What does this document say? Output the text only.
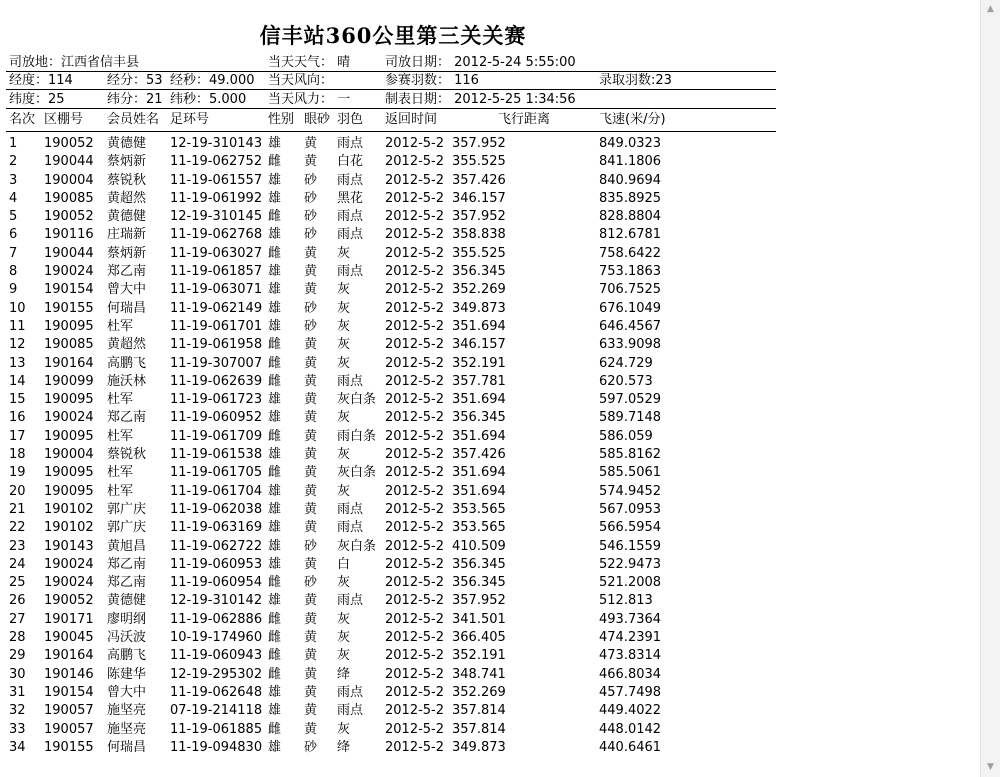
信丰站360公里第三关关赛
司放地：江西省信丰县	当天天气： 晴	司放日期： 2012-5-24 5:55:00
经度：114	经分：53 经秒：49.000 当天风向：	参赛羽数： 116	录取羽数:23
纬度：25	纬分：21 纬秒：5.000 当天风力： 一	制表日期： 2012-5-25 1:34:56
名次 区棚号 会员姓名 足环号	性别 眼砂 羽色 返回时间	飞行距离	飞速(米/分)
1 190052 黄德健 12-19-310143 雄 黄 雨点 2012-5-2 357.952	849.0323
2 190044 蔡炳新 11-19-062752 雌 黄 白花 2012-5-2 355.525	841.1806
3 190004 蔡锐秋 11-19-061557 雄 砂 雨点 2012-5-2 357.426	840.9694
4 190085 黄超然 11-19-061992 雄 砂 黑花 2012-5-2 346.157	835.8925
5 190052 黄德健 12-19-310145 雌 砂 雨点 2012-5-2 357.952	828.8804
6 190116 庄瑞新 11-19-062768 雄 砂 雨点 2012-5-2 358.838	812.6781
7 190044 蔡炳新 11-19-063027 雌 黄 灰	2012-5-2 355.525	758.6422
8 190024 郑乙南 11-19-061857 雄 黄 雨点 2012-5-2 356.345	753.1863
9 190154 曾大中 11-19-063071 雄 黄 灰	2012-5-2 352.269	706.7525
10 190155 何瑞昌 11-19-062149 雄 砂 灰	2012-5-2 349.873	676.1049
11 190095 杜军	11-19-061701 雄 砂 灰	2012-5-2 351.694	646.4567
12 190085 黄超然 11-19-061958 雌 黄 灰	2012-5-2 346.157	633.9098
13 190164 高鹏飞 11-19-307007 雌 黄 灰	2012-5-2 352.191	624.729
14 190099 施沃林 11-19-062639 雌 黄 雨点 2012-5-2 357.781	620.573
15 190095 杜军	11-19-061723 雄 黄 灰白条 2012-5-2 351.694	597.0529
16 190024 郑乙南 11-19-060952 雄 黄 灰	2012-5-2 356.345	589.7148
17 190095 杜军	11-19-061709 雌 黄 雨白条 2012-5-2 351.694	586.059
18 190004 蔡锐秋 11-19-061538 雄 黄 灰	2012-5-2 357.426	585.8162
19 190095 杜军	11-19-061705 雌 黄 灰白条 2012-5-2 351.694	585.5061
20 190095 杜军	11-19-061704 雄 黄 灰	2012-5-2 351.694	574.9452
21 190102 郭广庆 11-19-062038 雄 黄 雨点 2012-5-2 353.565	567.0953
22 190102 郭广庆 11-19-063169 雄 黄 雨点 2012-5-2 353.565	566.5954
23 190143 黄旭昌 11-19-062722 雄 砂 灰白条 2012-5-2 410.509	546.1559
24 190024 郑乙南 11-19-060953 雄 黄 白	2012-5-2 356.345	522.9473
25 190024 郑乙南 11-19-060954 雌 砂 灰	2012-5-2 356.345	521.2008
26 190052 黄德健 12-19-310142 雄 黄 雨点 2012-5-2 357.952	512.813
27 190171 廖明纲 11-19-062886 雌 黄 灰	2012-5-2 341.501	493.7364
28 190045 冯沃波 10-19-174960 雌 黄 灰	2012-5-2 366.405	474.2391
29 190164 高鹏飞 11-19-060943 雌 黄 灰	2012-5-2 352.191	473.8314
30 190146 陈建华 12-19-295302 雌 黄 绛	2012-5-2 348.741	466.8034
31 190154 曾大中 11-19-062648 雄 黄 雨点 2012-5-2 352.269	457.7498
32 190057 施坚亮 07-19-214118 雄 黄 雨点 2012-5-2 357.814	449.4022
33 190057 施坚亮 11-19-061885 雌 黄 灰	2012-5-2 357.814	448.0142
34 190155 何瑞昌 11-19-094830 雄 砂 绛	2012-5-2 349.873	440.6461
▲
▼
